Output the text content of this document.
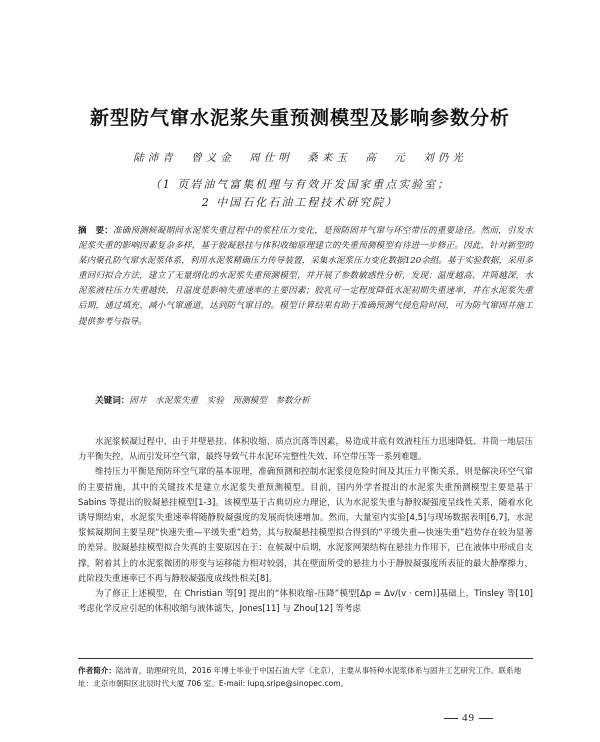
新型防气窜水泥浆失重预测模型及影响参数分析
陆沛青　曾义金　周仕明　桑来玉　高　元　刘仍光
（1 页岩油气富集机理与有效开发国家重点实验室；
2 中国石化石油工程技术研究院）
摘　要：准确预测候凝期间水泥浆失重过程中的浆柱压力变化，是预防固井气窜与环空带压的重要途径。然而，引发水泥浆失重的影响因素复杂多样，基于胶凝悬挂与体积收缩原理建立的失重预测模型有待进一步修正。因此，针对新型的某内聚孔防气窜水泥浆体系，利用水泥浆精确压力传导装置，采集水泥浆压力变化数据120余组。基于实验数据，采用多重回归拟合方法，建立了无量纲化的水泥浆失重预测模型，并开展了参数敏感性分析，发现：温度越高、井筒越深，水泥浆液柱压力失重越快，且温度是影响失重速率的主要因素；胶乳可一定程度降低水泥初期失重速率，并在水泥浆失重后期，通过填充、减小气窜通道，达到防气窜目的。模型计算结果有助于准确预测气侵危险时间，可为防气窜固井施工提供参考与指导。
关键词：固井　水泥浆失重　实验　预测模型　参数分析

水泥浆候凝过程中，由于井壁悬挂、体积收缩、质点沉落等因素，易造成井底有效液柱压力迅速降低、井筒一地层压力平衡失控，从而引发环空气窜，最终导致气井水泥环完整性失效、环空带压等一系列难题。

维持压力平衡是预防环空气窜的基本原理，准确预测和控制水泥浆侵危险时间及其压力平衡关系，则是解决环空气窜的主要措施，其中的关键技术是建立水泥浆失重预测模型。目前，国内外学者提出的水泥浆失重预测模型主要是基于 Sabins 等提出的胶凝悬挂模型[1-3]。该模型基于古典切应力理论，认为水泥浆失重与静胶凝强度呈线性关系，随着水化诱导期结束，水泥浆失重速率将随静胶凝强度的发展而快速增加。然而，大量室内实验[4,5]与现场数据表明[6,7]，水泥浆候凝期间主要呈现“快速失重—平缓失重”趋势，其与胶凝悬挂模型拟合得到的“平缓失重—快速失重”趋势存在较为显著的差异。胶凝悬挂模型拟合失真的主要原因在于：在候凝中后期，水泥浆网架结构在悬挂力作用下，已在液体中形成自支撑，附着其上的水泥浆微团的形变与运移能力相对较弱，其在壁面所受的悬挂力小于静胶凝强度所表征的最大静摩擦力，此阶段失重速率已不再与静胶凝强度成线性相关[8]。

为了修正上述模型，在 Christian 等[9] 提出的“体积收缩-压降”模型[Δp = Δv/(v · cem)]基础上，Tinsley 等[10] 考虑化学反应引起的体积收缩与液体滤失，Jones[11] 与 Zhou[12] 等考虑

作者简介：陆沛青，助理研究员，2016 年博士毕业于中国石油大学（北京），主要从事特种水泥浆体系与固井工艺研究工作。联系地址：北京市朝阳区北辰时代大厦 706 室。E-mail: lupq.sripe@sinopec.com。
49
